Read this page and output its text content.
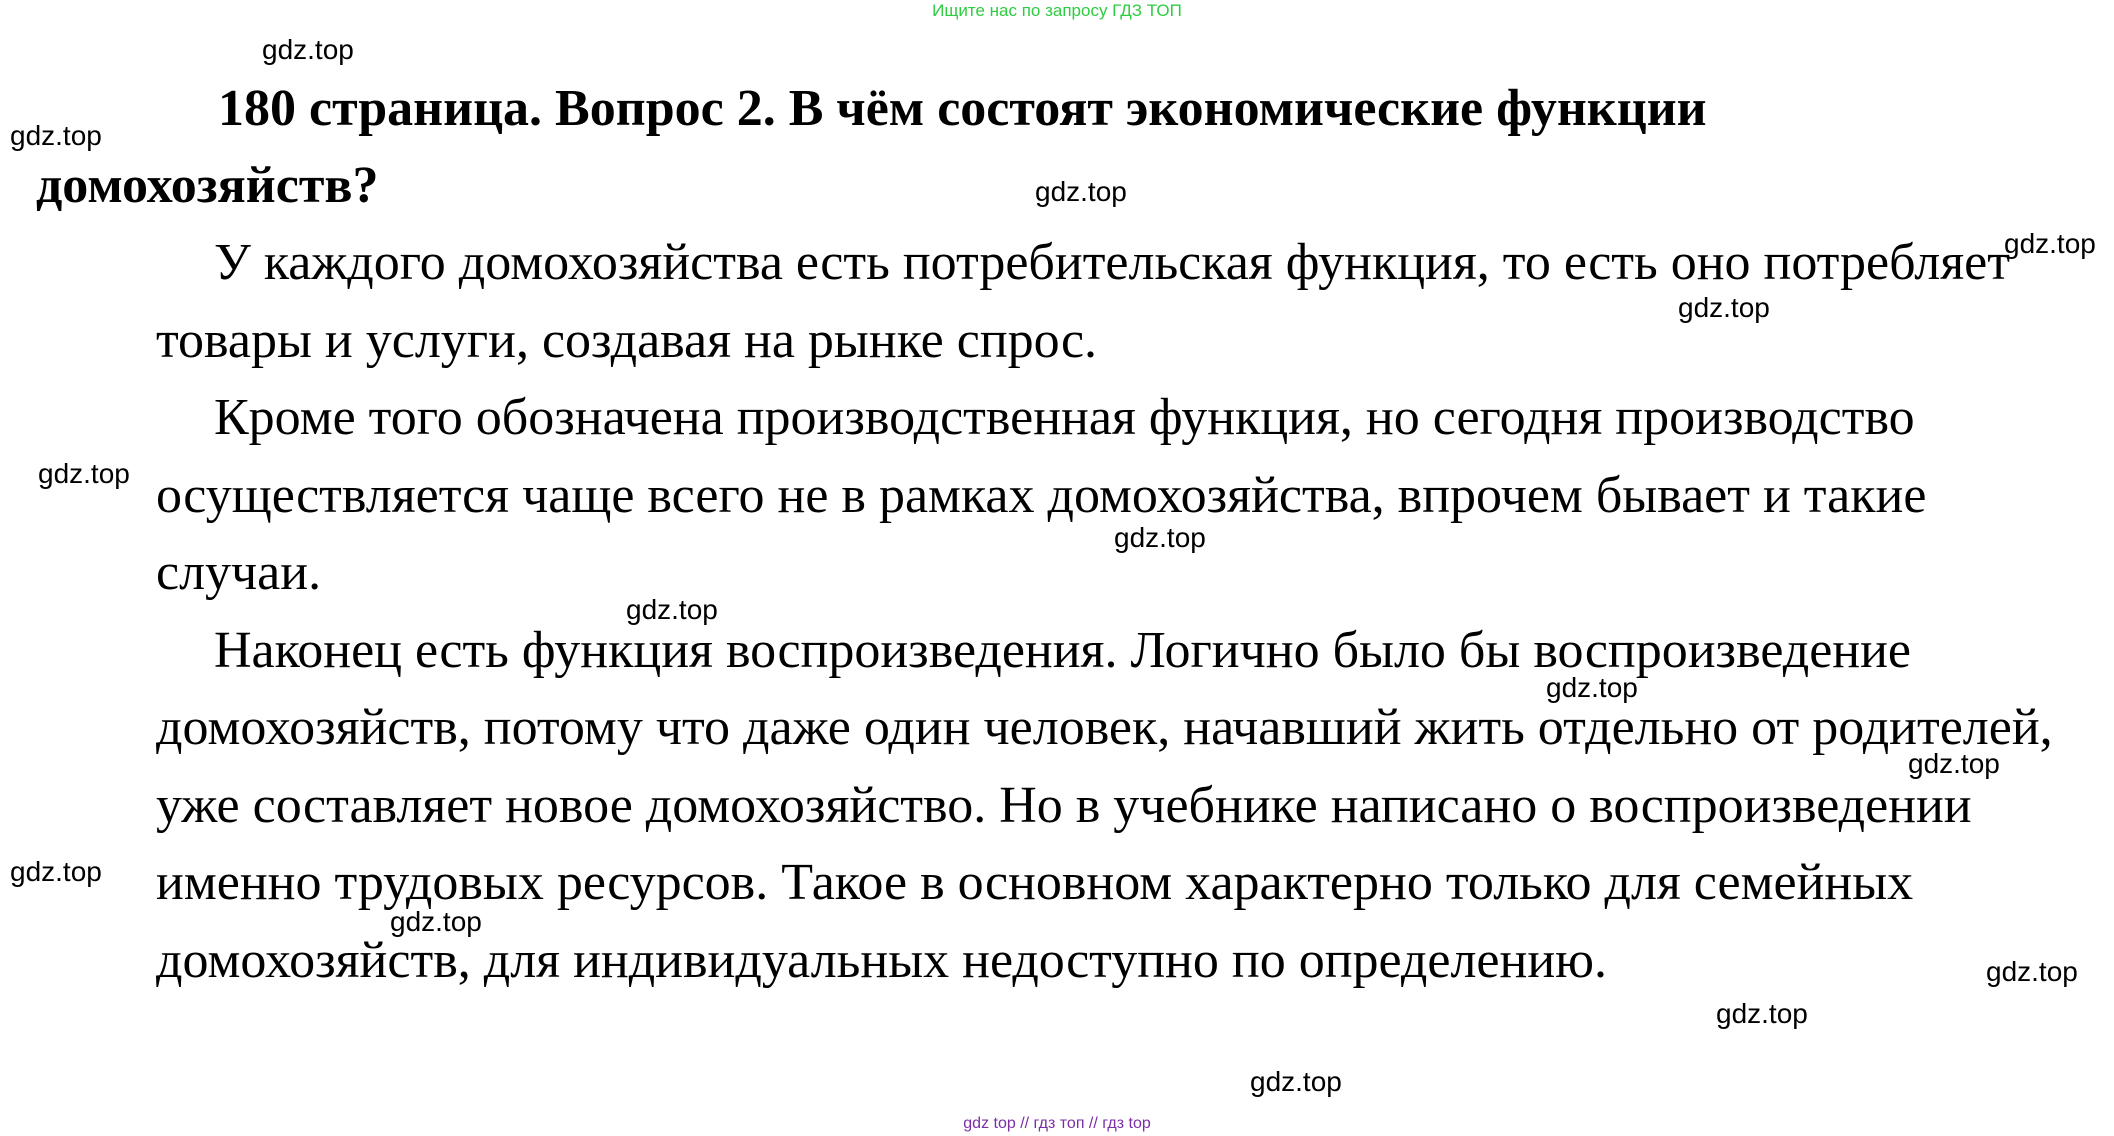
Ищите нас по запросу ГДЗ ТОП
180 страница. Вопрос 2. В чём состоят экономические функции домохозяйств?

У каждого домохозяйства есть потребительская функция, то есть оно потребляет товары и услуги, создавая на рынке спрос.

Кроме того обозначена производственная функция, но сегодня производство осуществляется чаще всего не в рамках домохозяйства, впрочем бывает и такие случаи.

Наконец есть функция воспроизведения. Логично было бы воспроизведение домохозяйств, потому что даже один человек, начавший жить отдельно от родителей, уже составляет новое домохозяйство. Но в учебнике написано о воспроизведении именно трудовых ресурсов. Такое в основном характерно только для семейных домохозяйств, для индивидуальных недоступно по определению.

gdz.top
gdz.top
gdz.top
gdz.top
gdz.top
gdz.top
gdz.top
gdz.top
gdz.top
gdz.top
gdz.top
gdz.top
gdz.top
gdz.top
gdz.top
gdz top // гдз топ // гдз top
